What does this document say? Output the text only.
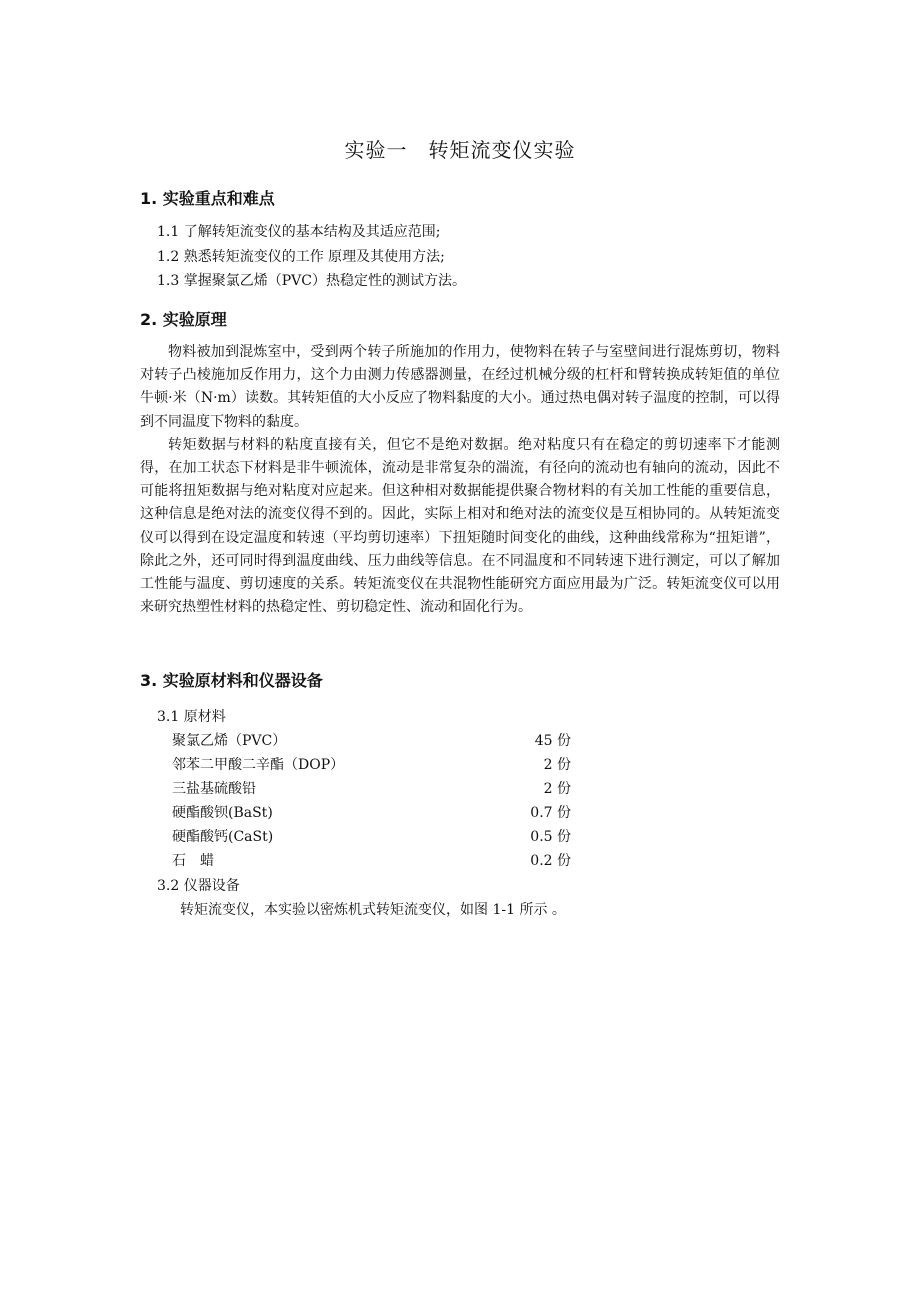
实验一　转矩流变仪实验
1. 实验重点和难点
1.1 了解转矩流变仪的基本结构及其适应范围;
1.2 熟悉转矩流变仪的工作 原理及其使用方法;
1.3 掌握聚氯乙烯（PVC）热稳定性的测试方法。
2. 实验原理

物料被加到混炼室中，受到两个转子所施加的作用力，使物料在转子与室壁间进行混炼剪切，物料对转子凸棱施加反作用力，这个力由测力传感器测量，在经过机械分级的杠杆和臂转换成转矩值的单位牛顿·米（N·m）读数。其转矩值的大小反应了物料黏度的大小。通过热电偶对转子温度的控制，可以得到不同温度下物料的黏度。

转矩数据与材料的粘度直接有关，但它不是绝对数据。绝对粘度只有在稳定的剪切速率下才能测得，在加工状态下材料是非牛顿流体，流动是非常复杂的湍流，有径向的流动也有轴向的流动，因此不可能将扭矩数据与绝对粘度对应起来。但这种相对数据能提供聚合物材料的有关加工性能的重要信息，这种信息是绝对法的流变仪得不到的。因此，实际上相对和绝对法的流变仪是互相协同的。从转矩流变仪可以得到在设定温度和转速（平均剪切速率）下扭矩随时间变化的曲线，这种曲线常称为“扭矩谱”，除此之外，还可同时得到温度曲线、压力曲线等信息。在不同温度和不同转速下进行测定，可以了解加工性能与温度、剪切速度的关系。转矩流变仪在共混物性能研究方面应用最为广泛。转矩流变仪可以用来研究热塑性材料的热稳定性、剪切稳定性、流动和固化行为。

3. 实验原材料和仪器设备
3.1 原材料
聚氯乙烯（PVC）	45 份
邻苯二甲酸二辛酯（DOP）	2 份
三盐基硫酸铅	2 份
硬酯酸钡(BaSt)	0.7 份
硬酯酸钙(CaSt)	0.5 份
石　蜡	0.2 份
3.2 仪器设备
转矩流变仪，本实验以密炼机式转矩流变仪，如图 1-1 所示 。
